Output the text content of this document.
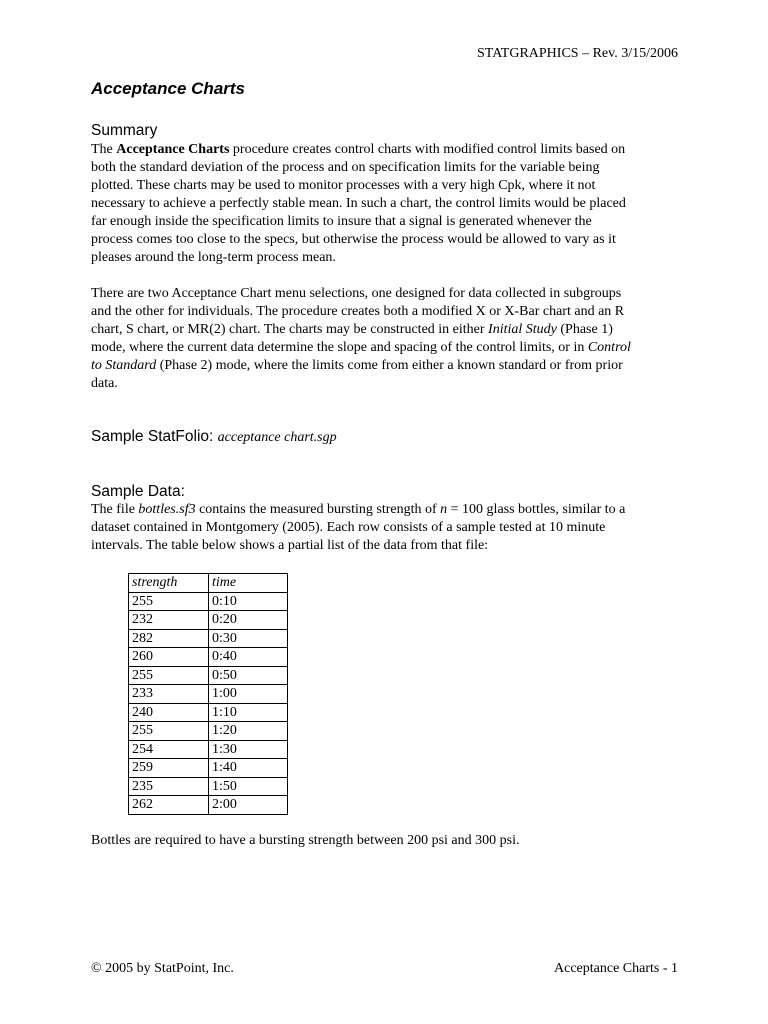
STATGRAPHICS – Rev. 3/15/2006
Acceptance Charts
Summary
The Acceptance Charts procedure creates control charts with modified control limits based on
both the standard deviation of the process and on specification limits for the variable being
plotted. These charts may be used to monitor processes with a very high Cpk, where it not
necessary to achieve a perfectly stable mean. In such a chart, the control limits would be placed
far enough inside the specification limits to insure that a signal is generated whenever the
process comes too close to the specs, but otherwise the process would be allowed to vary as it
pleases around the long-term process mean.
There are two Acceptance Chart menu selections, one designed for data collected in subgroups
and the other for individuals. The procedure creates both a modified X or X-Bar chart and an R
chart, S chart, or MR(2) chart. The charts may be constructed in either Initial Study (Phase 1)
mode, where the current data determine the slope and spacing of the control limits, or in Control
to Standard (Phase 2) mode, where the limits come from either a known standard or from prior
data.
Sample StatFolio: acceptance chart.sgp
Sample Data:
The file bottles.sf3 contains the measured bursting strength of n = 100 glass bottles, similar to a
dataset contained in Montgomery (2005). Each row consists of a sample tested at 10 minute
intervals. The table below shows a partial list of the data from that file:
strength	time
255	0:10
232	0:20
282	0:30
260	0:40
255	0:50
233	1:00
240	1:10
255	1:20
254	1:30
259	1:40
235	1:50
262	2:00
Bottles are required to have a bursting strength between 200 psi and 300 psi.
© 2005 by StatPoint, Inc.	Acceptance Charts - 1
